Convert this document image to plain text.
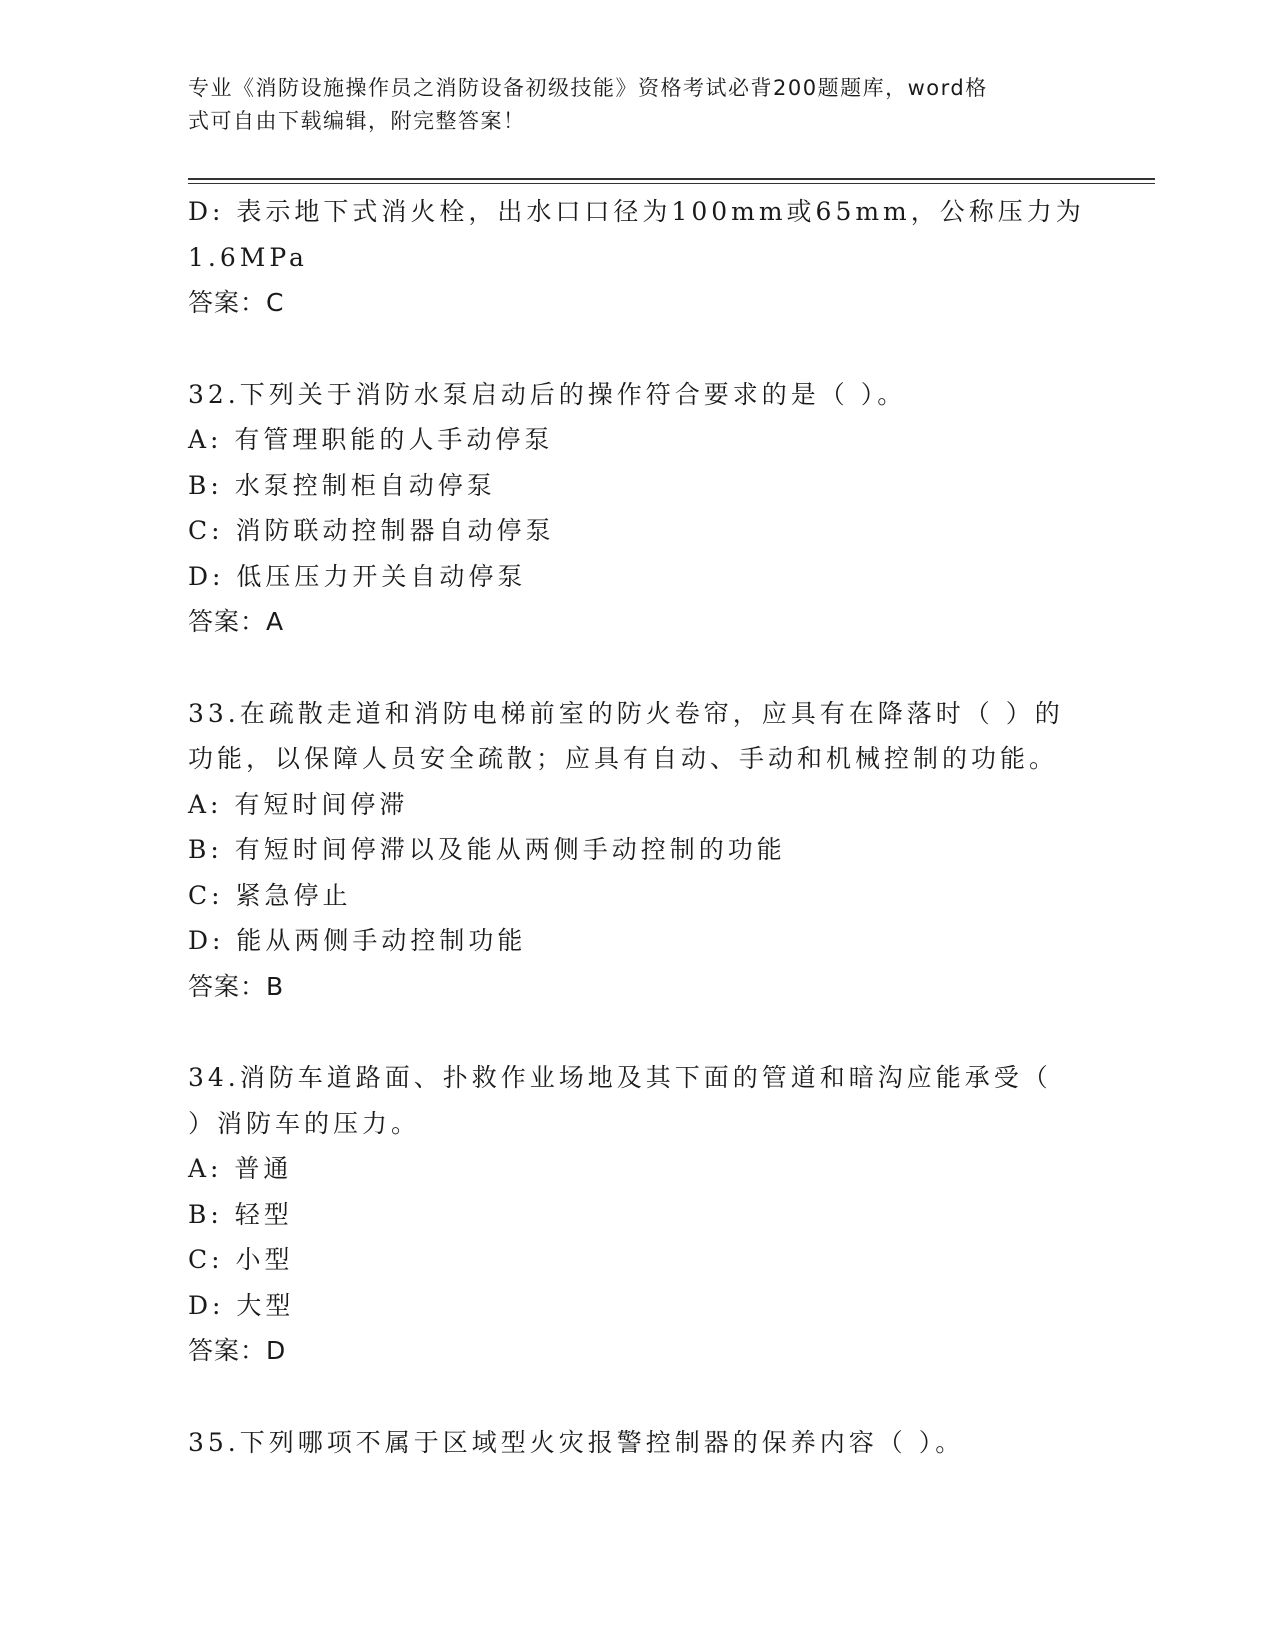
专业《消防设施操作员之消防设备初级技能》资格考试必背200题题库，word格
式可自由下载编辑，附完整答案！
D: 表示地下式消火栓，出水口口径为100mm或65mm，公称压力为
1.6MPa
答案：C
32.下列关于消防水泵启动后的操作符合要求的是（ ）。
A: 有管理职能的人手动停泵
B: 水泵控制柜自动停泵
C: 消防联动控制器自动停泵
D: 低压压力开关自动停泵
答案：A
33.在疏散走道和消防电梯前室的防火卷帘，应具有在降落时（ ）的
功能，以保障人员安全疏散；应具有自动、手动和机械控制的功能。
A: 有短时间停滞
B: 有短时间停滞以及能从两侧手动控制的功能
C: 紧急停止
D: 能从两侧手动控制功能
答案：B
34.消防车道路面、扑救作业场地及其下面的管道和暗沟应能承受（
）消防车的压力。
A: 普通
B: 轻型
C: 小型
D: 大型
答案：D
35.下列哪项不属于区域型火灾报警控制器的保养内容（ ）。
